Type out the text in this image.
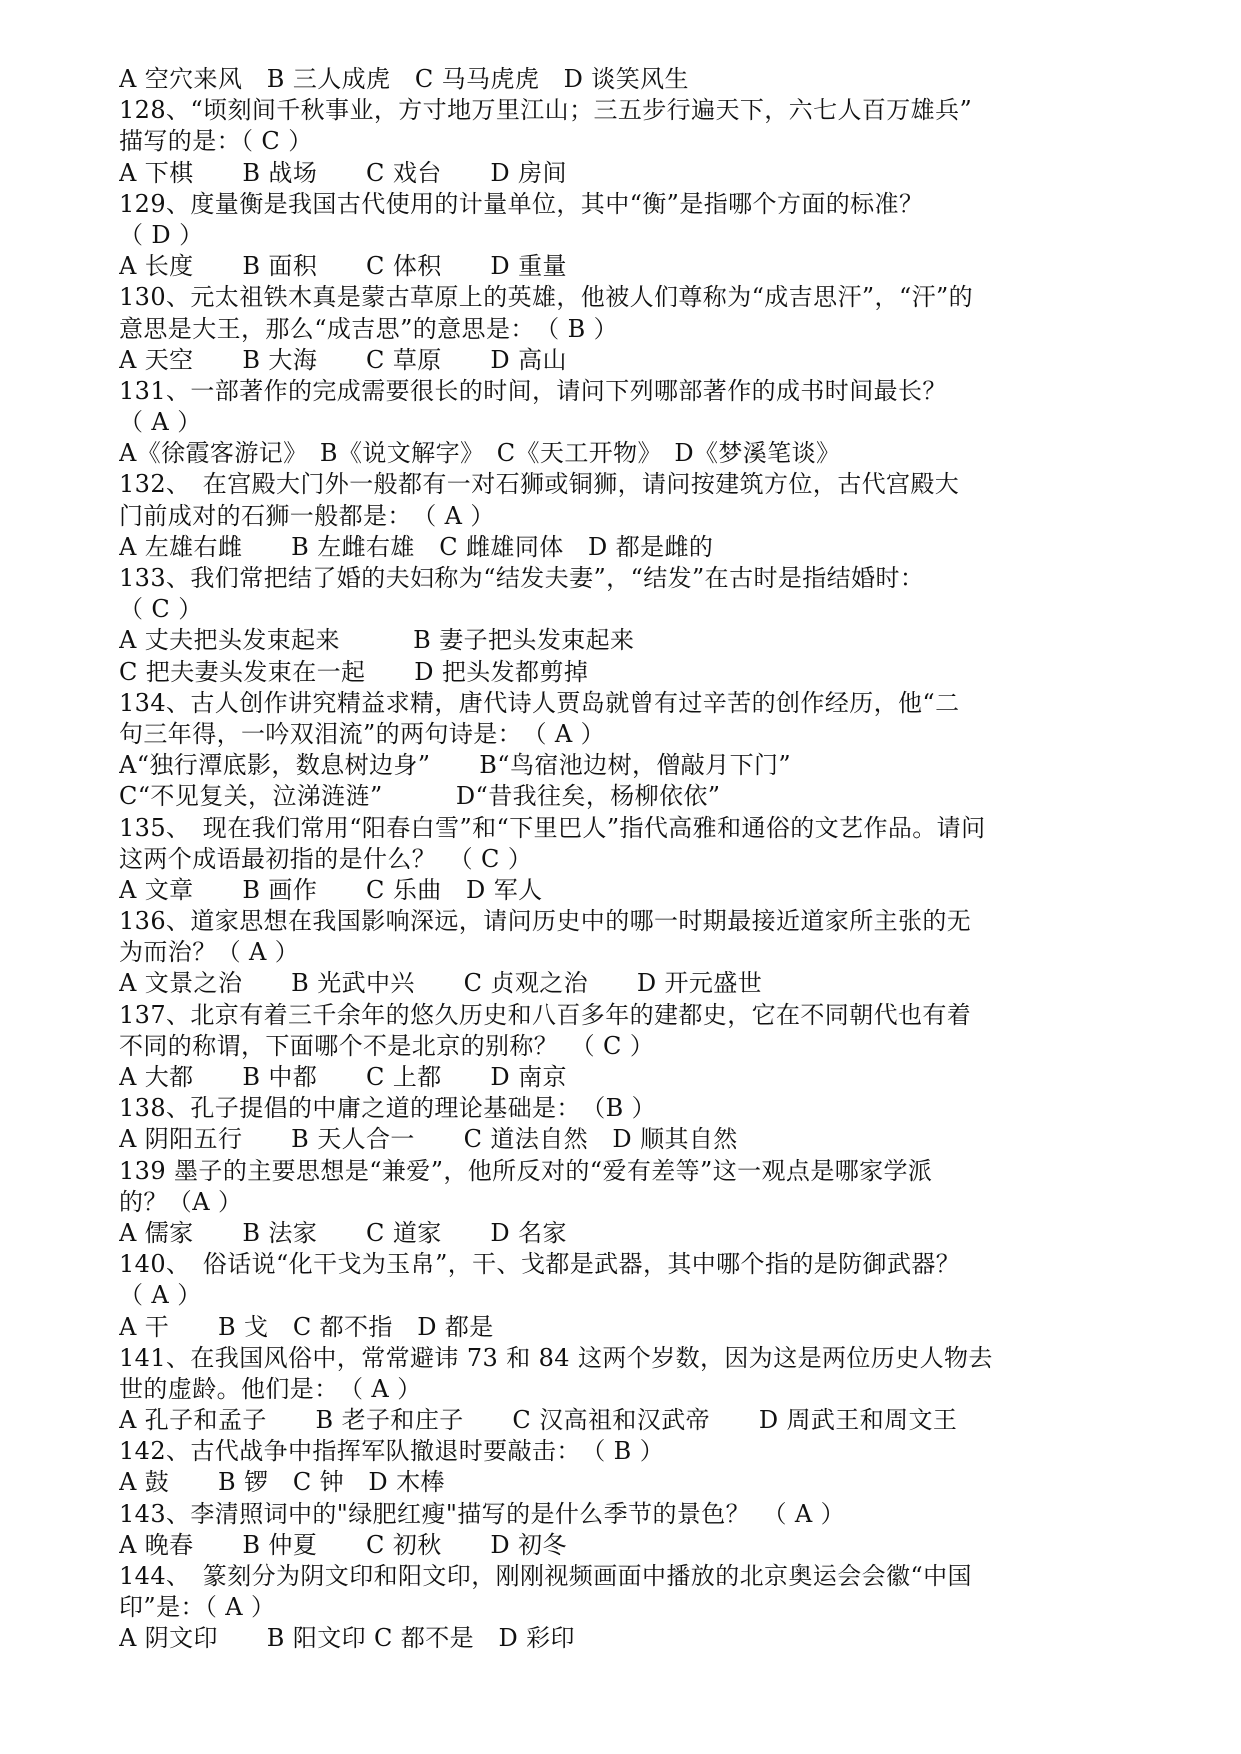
A 空穴来风　B 三人成虎　C 马马虎虎　D 谈笑风生
128、“顷刻间千秋事业，方寸地万里江山；三五步行遍天下，六七人百万雄兵”
描写的是：（ C ）
A 下棋　　B 战场　　C 戏台　　D 房间
129、度量衡是我国古代使用的计量单位，其中“衡”是指哪个方面的标准？
（ D ）
A 长度　　B 面积　　C 体积　　D 重量
130、元太祖铁木真是蒙古草原上的英雄，他被人们尊称为“成吉思汗”，“汗”的
意思是大王，那么“成吉思”的意思是：　（ B ）
A 天空　　B 大海　　C 草原　　D 高山
131、一部著作的完成需要很长的时间，请问下列哪部著作的成书时间最长？
（ A ）
A《徐霞客游记》　B《说文解字》　C《天工开物》　D《梦溪笔谈》
132、　在宫殿大门外一般都有一对石狮或铜狮，请问按建筑方位，古代宫殿大
门前成对的石狮一般都是：　（ A ）
A 左雄右雌　　B 左雌右雄　C 雌雄同体　D 都是雌的
133、我们常把结了婚的夫妇称为“结发夫妻”，“结发”在古时是指结婚时：
（ C ）
A 丈夫把头发束起来　　　B 妻子把头发束起来
C 把夫妻头发束在一起　　D 把头发都剪掉
134、古人创作讲究精益求精，唐代诗人贾岛就曾有过辛苦的创作经历，他“二
句三年得，一吟双泪流”的两句诗是：　（ A ）
A“独行潭底影，数息树边身”　　B“鸟宿池边树，僧敲月下门”
C“不见复关，泣涕涟涟”　　　D“昔我往矣，杨柳依依”
135、　现在我们常用“阳春白雪”和“下里巴人”指代高雅和通俗的文艺作品。请问
这两个成语最初指的是什么？　（ C ）
A 文章　　B 画作　　C 乐曲　D 军人
136、道家思想在我国影响深远，请问历史中的哪一时期最接近道家所主张的无
为而治？（ A ）
A 文景之治　　B 光武中兴　　C 贞观之治　　D 开元盛世
137、北京有着三千余年的悠久历史和八百多年的建都史，它在不同朝代也有着
不同的称谓，下面哪个不是北京的别称？　（ C ）
A 大都　　B 中都　　C 上都　　D 南京
138、孔子提倡的中庸之道的理论基础是：　（B ）
A 阴阳五行　　B 天人合一　　C 道法自然　D 顺其自然
139 墨子的主要思想是“兼爱”，他所反对的“爱有差等”这一观点是哪家学派
的？（A ）
A 儒家　　B 法家　　C 道家　　D 名家
140、　俗话说“化干戈为玉帛”，干、戈都是武器，其中哪个指的是防御武器？
（ A ）
A 干　　B 戈　C 都不指　D 都是
141、在我国风俗中，常常避讳 73 和 84 这两个岁数，因为这是两位历史人物去
世的虚龄。他们是：　（ A ）
A 孔子和孟子　　B 老子和庄子　　C 汉高祖和汉武帝　　D 周武王和周文王
142、古代战争中指挥军队撤退时要敲击：　（ B ）
A 鼓　　B 锣　C 钟　D 木棒
143、李清照词中的"绿肥红瘦"描写的是什么季节的景色？　（ A ）
A 晚春　　B 仲夏　　C 初秋　　D 初冬
144、　篆刻分为阴文印和阳文印，刚刚视频画面中播放的北京奥运会会徽“中国
印”是：（ A ）
A 阴文印　　B 阳文印 C 都不是　D 彩印
